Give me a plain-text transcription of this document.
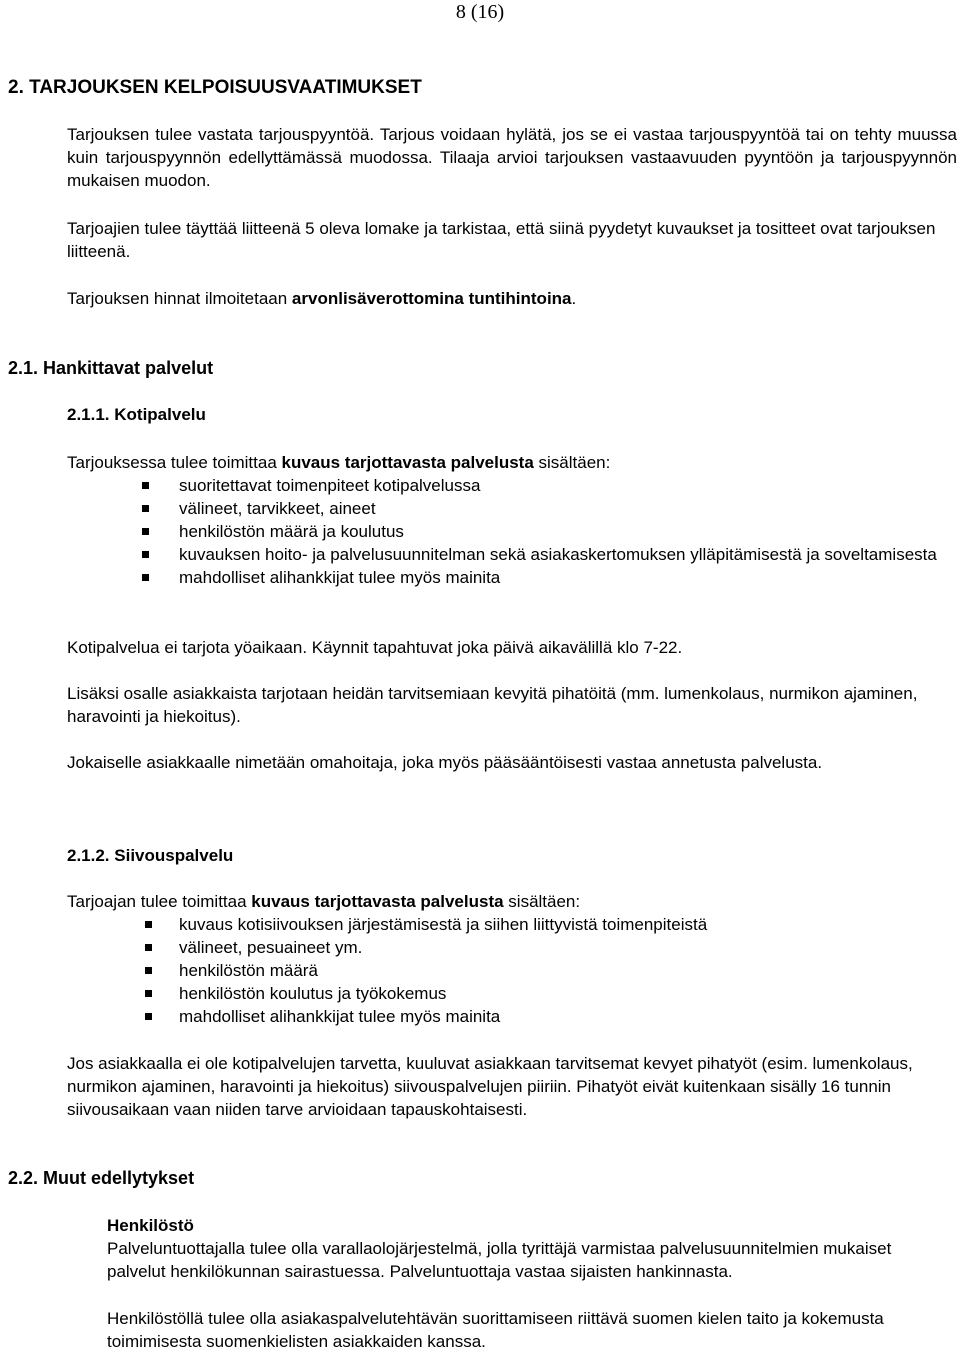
8 (16)
2. TARJOUKSEN KELPOISUUSVAATIMUKSET

Tarjouksen tulee vastata tarjouspyyntöä. Tarjous voidaan hylätä, jos se ei vastaa tarjouspyyntöä tai on tehty muussa kuin tarjouspyynnön edellyttämässä muodossa. Tilaaja arvioi tarjouksen vastaavuuden pyyntöön ja tarjouspyynnön mukaisen muodon.

Tarjoajien tulee täyttää liitteenä 5 oleva lomake ja tarkistaa, että siinä pyydetyt kuvaukset ja tositteet ovat tarjouksen liitteenä.

Tarjouksen hinnat ilmoitetaan arvonlisäverottomina tuntihintoina.

2.1. Hankittavat palvelut
2.1.1. Kotipalvelu

Tarjouksessa tulee toimittaa kuvaus tarjottavasta palvelusta sisältäen:

suoritettavat toimenpiteet kotipalvelussa
välineet, tarvikkeet, aineet
henkilöstön määrä ja koulutus
kuvauksen hoito- ja palvelusuunnitelman sekä asiakaskertomuksen ylläpitämisestä ja soveltamisesta
mahdolliset alihankkijat tulee myös mainita

Kotipalvelua ei tarjota yöaikaan. Käynnit tapahtuvat joka päivä aikavälillä klo 7-22.

Lisäksi osalle asiakkaista tarjotaan heidän tarvitsemiaan kevyitä pihatöitä (mm. lumenkolaus, nurmikon ajaminen, haravointi ja hiekoitus).

Jokaiselle asiakkaalle nimetään omahoitaja, joka myös pääsääntöisesti vastaa annetusta palvelusta.

2.1.2. Siivouspalvelu

Tarjoajan tulee toimittaa kuvaus tarjottavasta palvelusta sisältäen:

kuvaus kotisiivouksen järjestämisestä ja siihen liittyvistä toimenpiteistä
välineet, pesuaineet ym.
henkilöstön määrä
henkilöstön koulutus ja työkokemus
mahdolliset alihankkijat tulee myös mainita

Jos asiakkaalla ei ole kotipalvelujen tarvetta, kuuluvat asiakkaan tarvitsemat kevyet pihatyöt (esim. lumenkolaus, nurmikon ajaminen, haravointi ja hiekoitus) siivouspalvelujen piiriin. Pihatyöt eivät kuitenkaan sisälly 16 tunnin siivousaikaan vaan niiden tarve arvioidaan tapauskohtaisesti.

2.2. Muut edellytykset
Henkilöstö

Palveluntuottajalla tulee olla varallaolojärjestelmä, jolla tyrittäjä varmistaa palvelusuunnitelmien mukaiset palvelut henkilökunnan sairastuessa. Palveluntuottaja vastaa sijaisten hankinnasta.

Henkilöstöllä tulee olla asiakaspalvelutehtävän suorittamiseen riittävä suomen kielen taito ja kokemusta toimimisesta suomenkielisten asiakkaiden kanssa.
